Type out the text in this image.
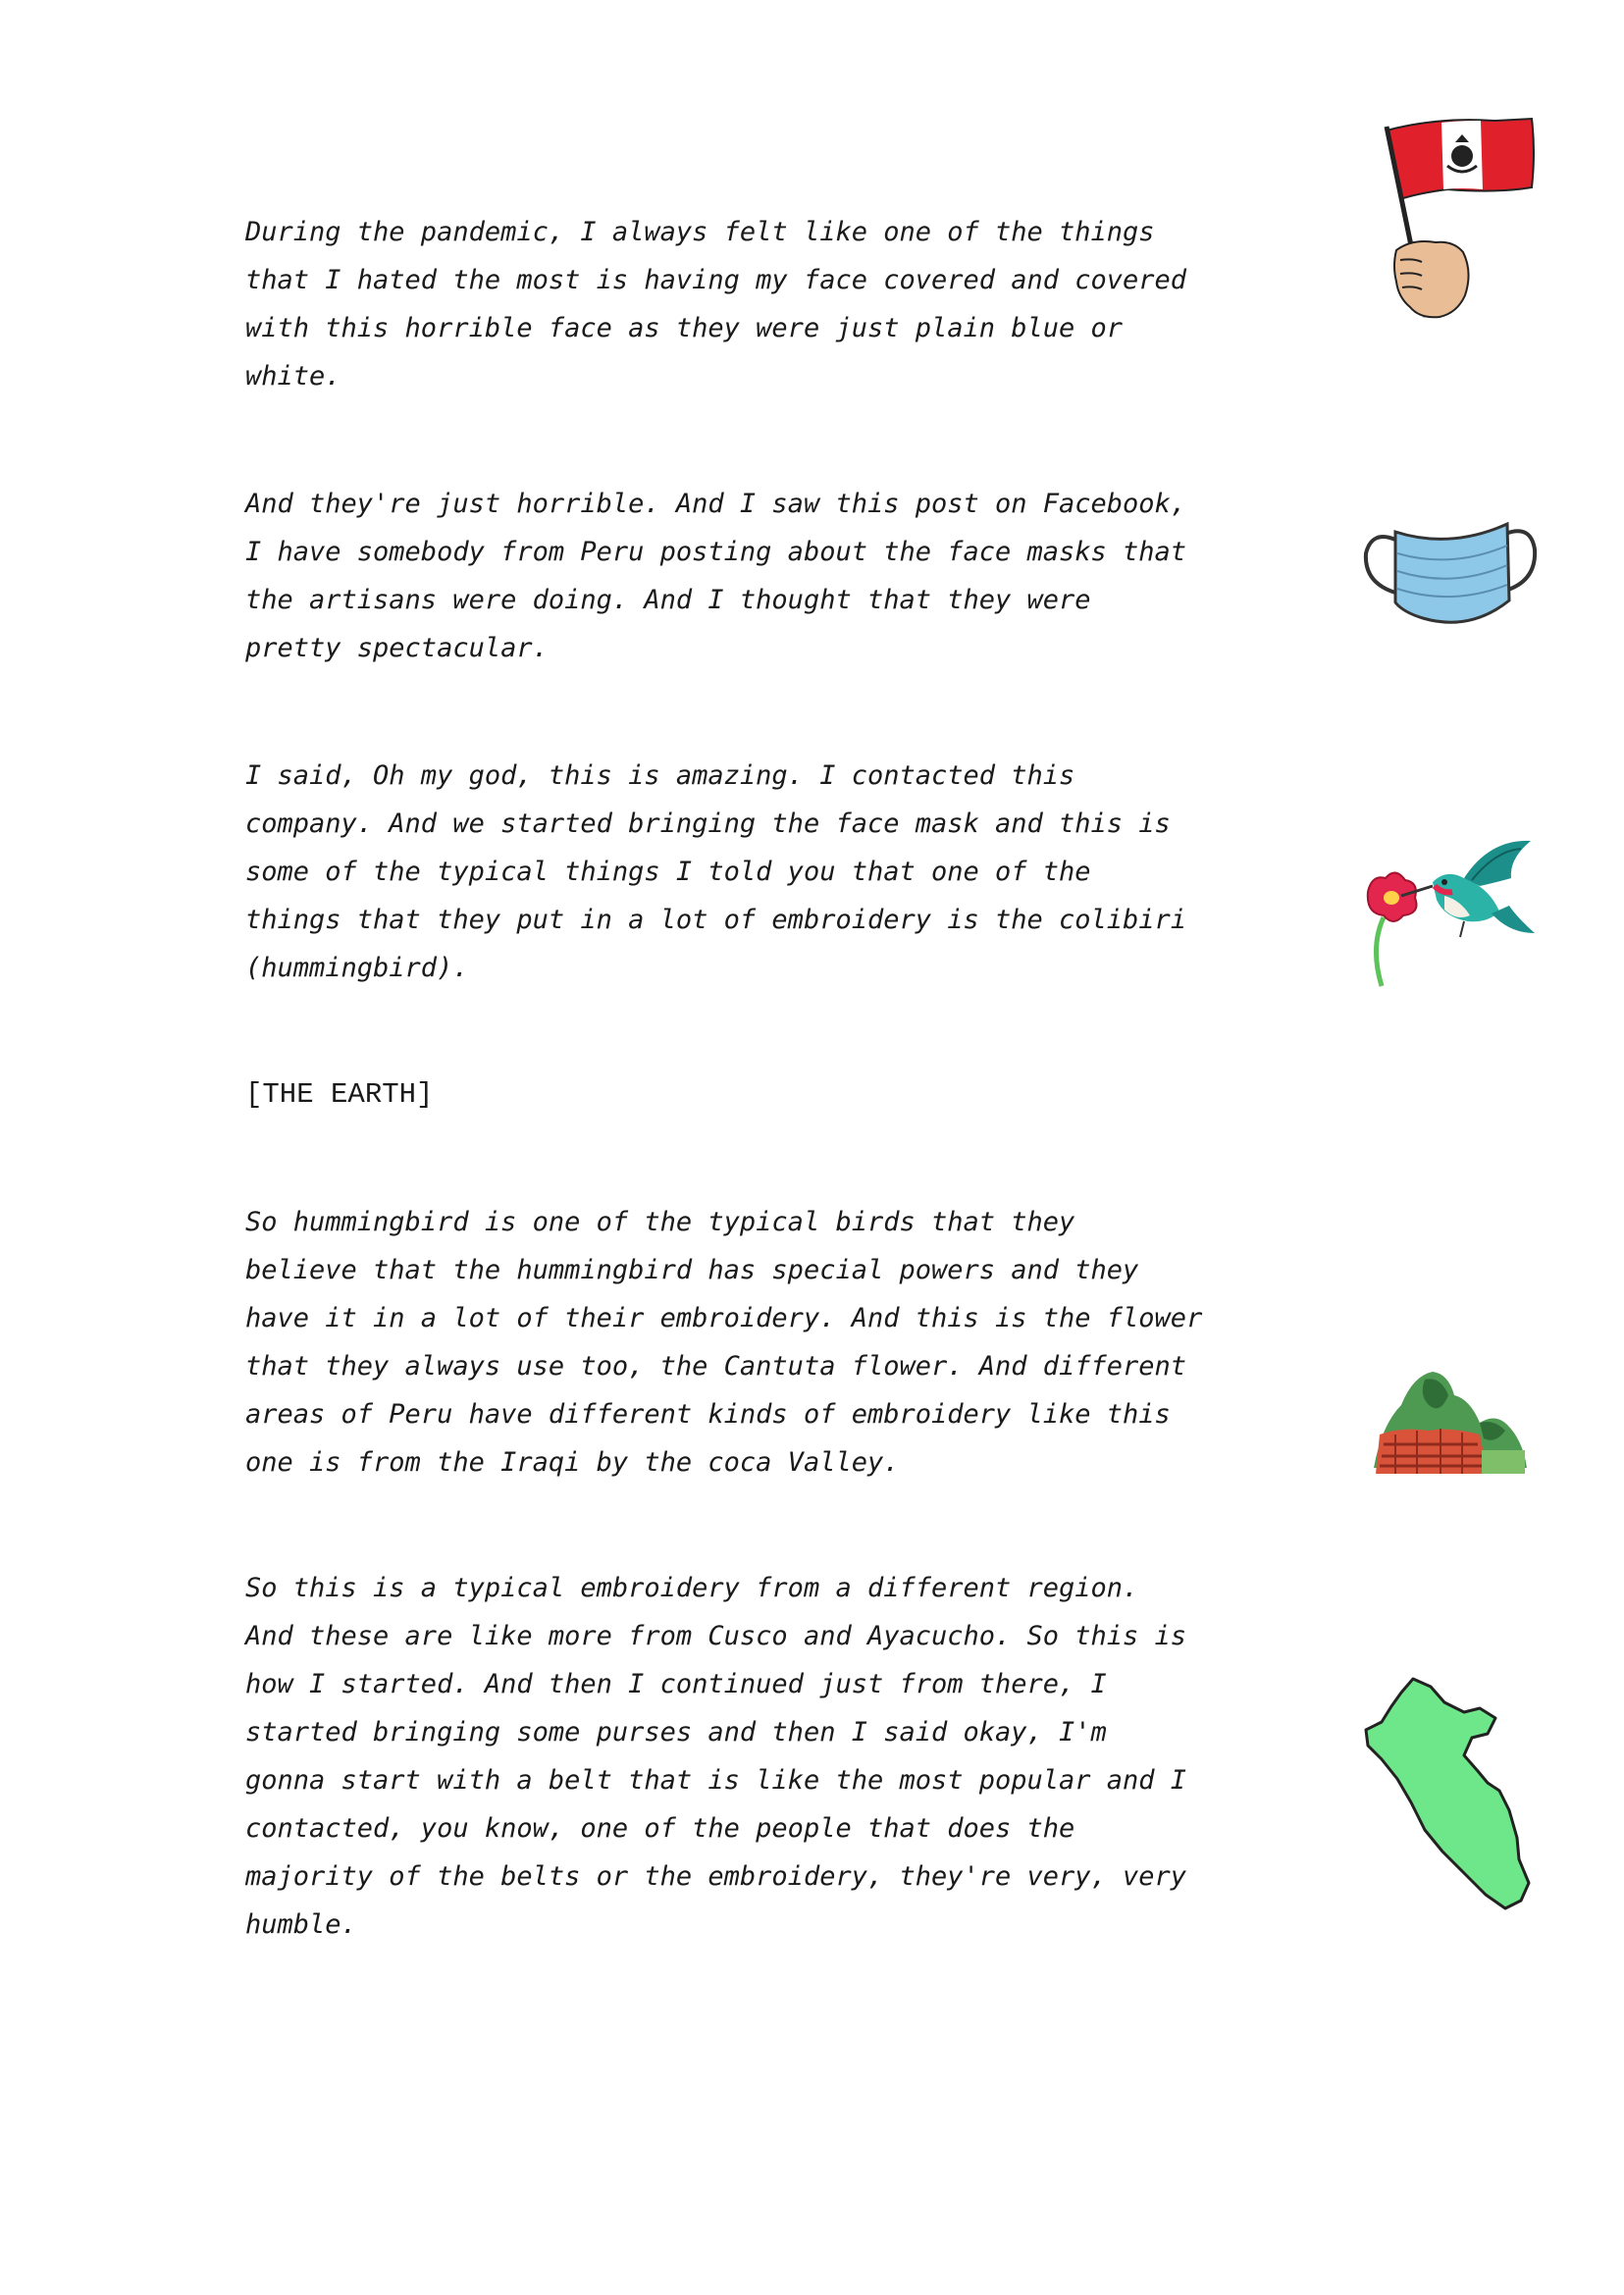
During the pandemic, I always felt like one of the things
that I hated the most is having my face covered and covered
with this horrible face as they were just plain blue or
white.

And they're just horrible. And I saw this post on Facebook,
I have somebody from Peru posting about the face masks that
the artisans were doing. And I thought that they were
pretty spectacular.

I said, Oh my god, this is amazing. I contacted this
company. And we started bringing the face mask and this is
some of the typical things I told you that one of the
things that they put in a lot of embroidery is the colibiri
(hummingbird).

[THE EARTH]

So hummingbird is one of the typical birds that they
believe that the hummingbird has special powers and they
have it in a lot of their embroidery. And this is the flower
that they always use too, the Cantuta flower. And different
areas of Peru have different kinds of embroidery like this
one is from the Iraqi by the coca Valley.

So this is a typical embroidery from a different region.
And these are like more from Cusco and Ayacucho. So this is
how I started. And then I continued just from there, I
started bringing some purses and then I said okay, I'm
gonna start with a belt that is like the most popular and I
contacted, you know, one of the people that does the
majority of the belts or the embroidery, they're very, very
humble.
